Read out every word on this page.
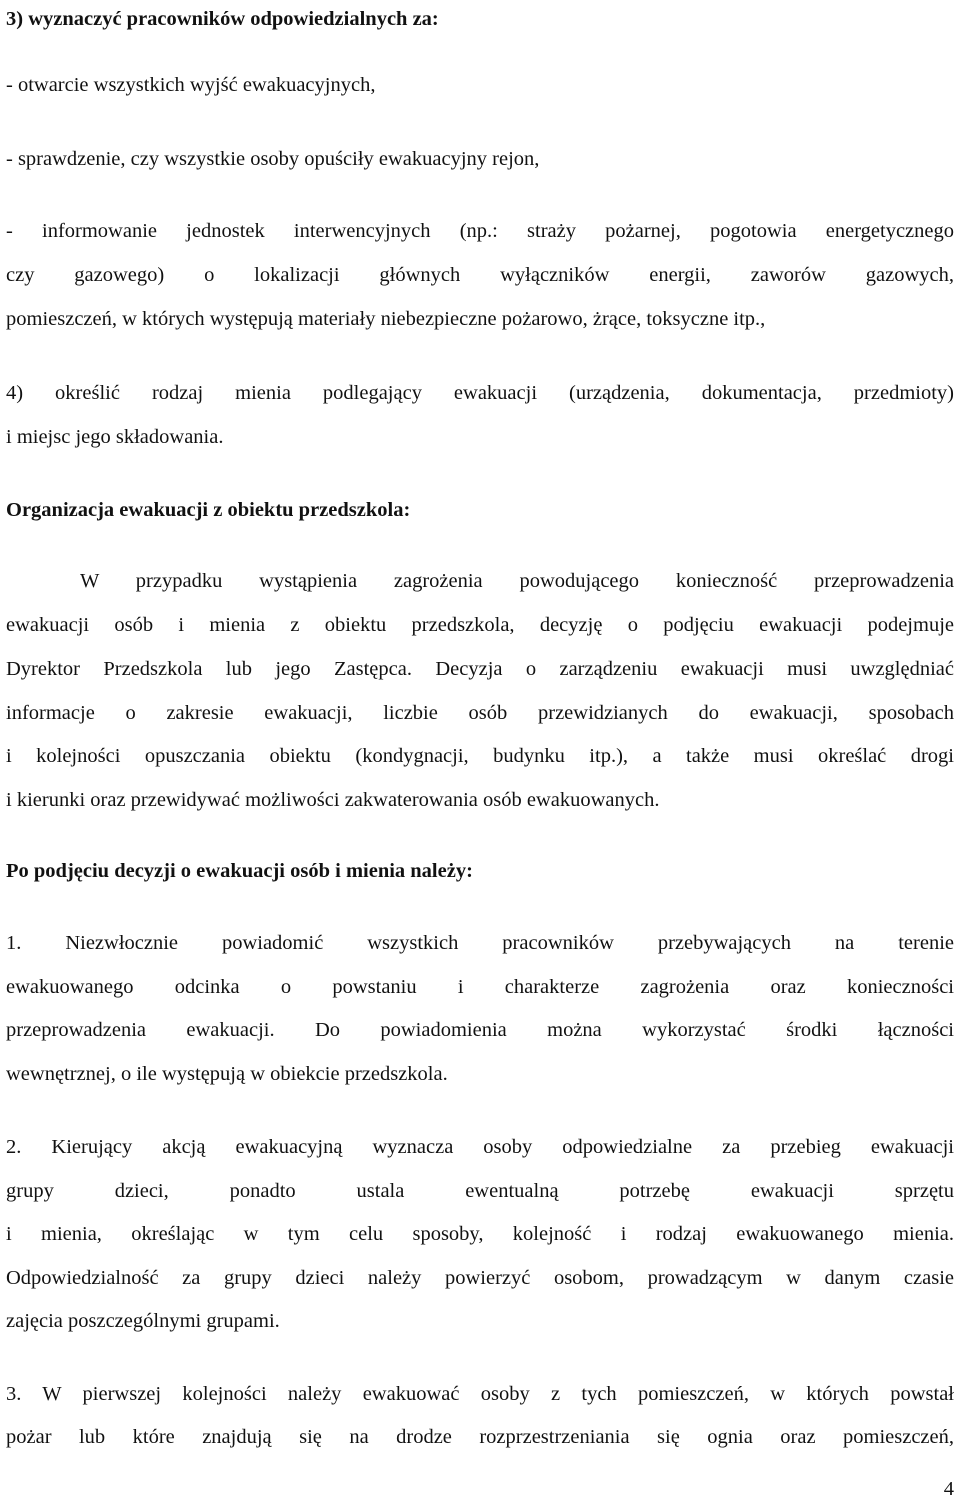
3) wyznaczyć pracowników odpowiedzialnych za:
- otwarcie wszystkich wyjść ewakuacyjnych,
- sprawdzenie, czy wszystkie osoby opuściły ewakuacyjny rejon,
- informowanie jednostek interwencyjnych (np.: straży pożarnej, pogotowia energetycznego
czy gazowego) o lokalizacji głównych wyłączników energii, zaworów gazowych,
pomieszczeń, w których występują materiały niebezpieczne pożarowo, żrące, toksyczne itp.,
4) określić rodzaj mienia podlegający ewakuacji (urządzenia, dokumentacja, przedmioty)
i miejsc jego składowania.
Organizacja ewakuacji z obiektu przedszkola:
W przypadku wystąpienia zagrożenia powodującego konieczność przeprowadzenia
ewakuacji osób i mienia z obiektu przedszkola, decyzję o podjęciu ewakuacji podejmuje
Dyrektor Przedszkola lub jego Zastępca. Decyzja o zarządzeniu ewakuacji musi uwzględniać
informacje o zakresie ewakuacji, liczbie osób przewidzianych do ewakuacji, sposobach
i kolejności opuszczania obiektu (kondygnacji, budynku itp.), a także musi określać drogi
i kierunki oraz przewidywać możliwości zakwaterowania osób ewakuowanych.
Po podjęciu decyzji o ewakuacji osób i mienia należy:
1. Niezwłocznie powiadomić wszystkich pracowników przebywających na terenie
ewakuowanego odcinka o powstaniu i charakterze zagrożenia oraz konieczności
przeprowadzenia ewakuacji. Do powiadomienia można wykorzystać środki łączności
wewnętrznej, o ile występują w obiekcie przedszkola.
2. Kierujący akcją ewakuacyjną wyznacza osoby odpowiedzialne za przebieg ewakuacji
grupy dzieci, ponadto ustala ewentualną potrzebę ewakuacji sprzętu
i mienia, określając w tym celu sposoby, kolejność i rodzaj ewakuowanego mienia.
Odpowiedzialność za grupy dzieci należy powierzyć osobom, prowadzącym w danym czasie
zajęcia poszczególnymi grupami.
3. W pierwszej kolejności należy ewakuować osoby z tych pomieszczeń, w których powstał
pożar lub które znajdują się na drodze rozprzestrzeniania się ognia oraz pomieszczeń,
4
